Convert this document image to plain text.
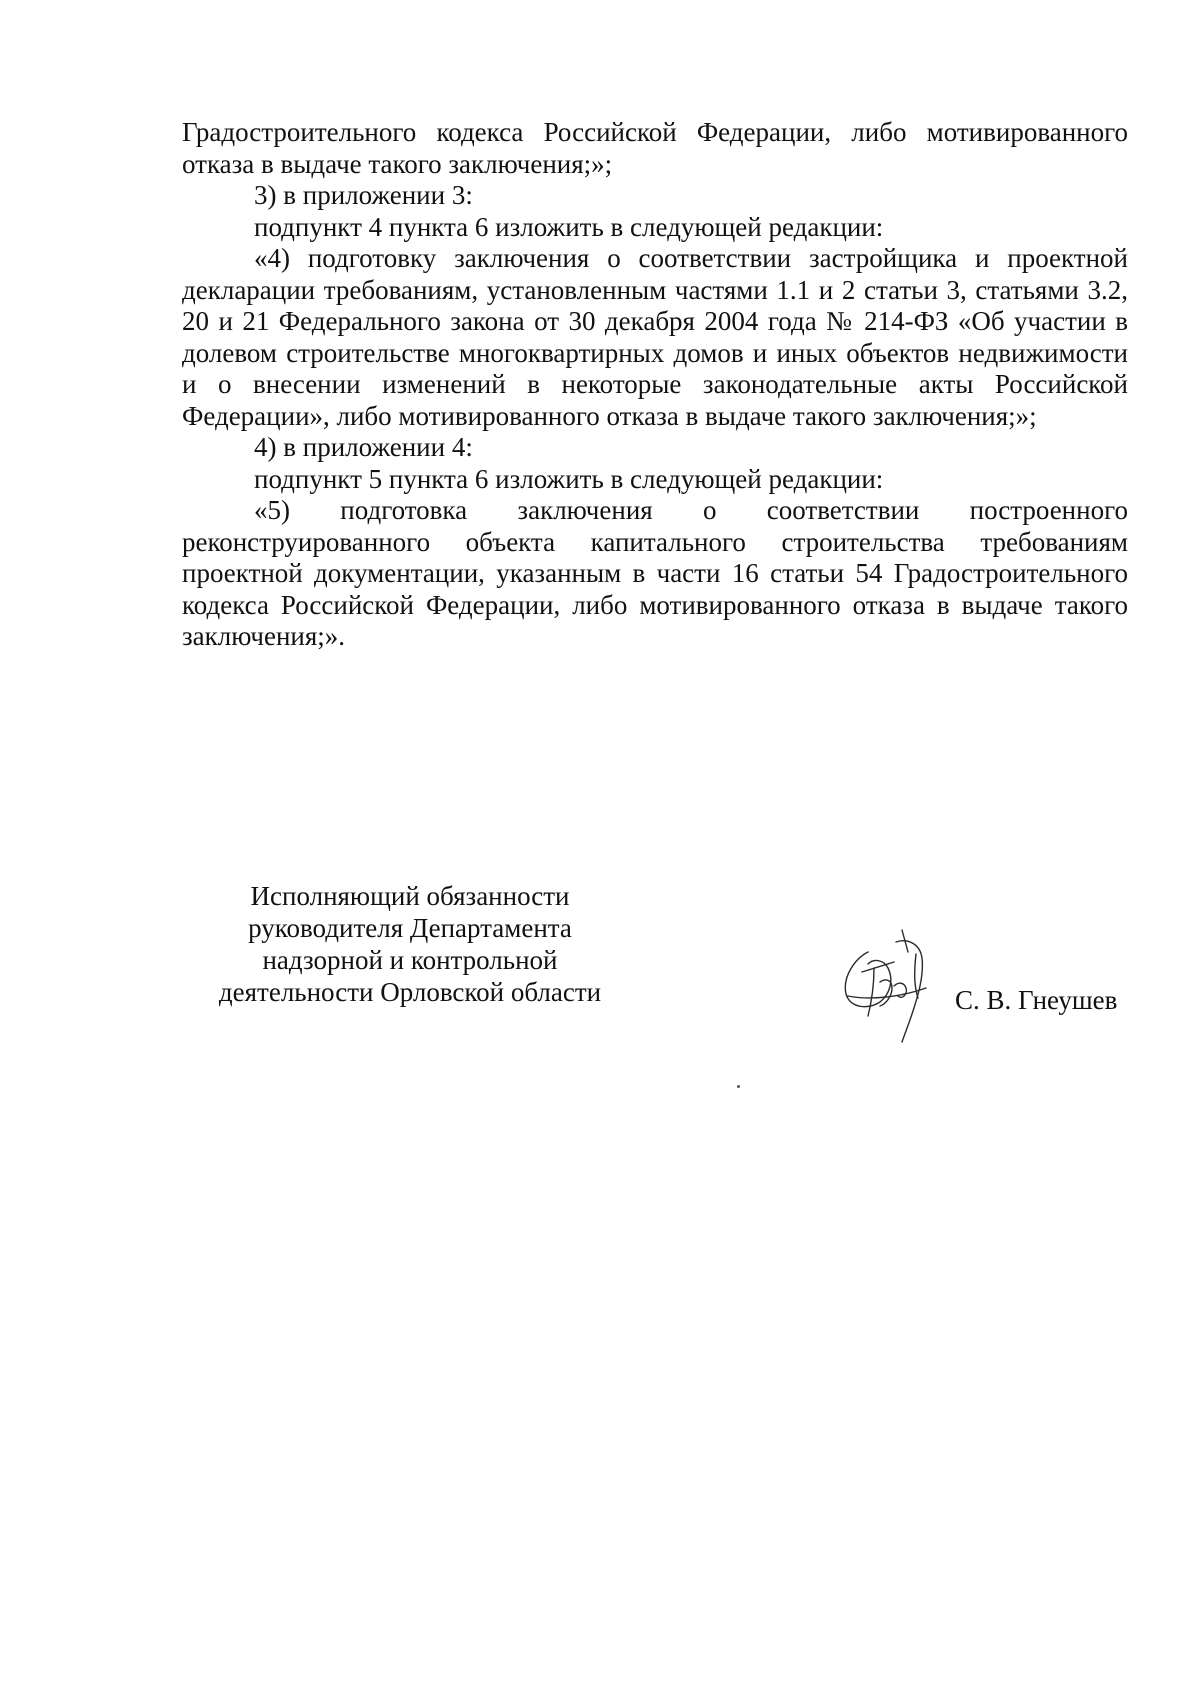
Градостроительного кодекса Российской Федерации, либо мотивированного отказа в выдаче такого заключения;»;

3) в приложении 3:

подпункт 4 пункта 6 изложить в следующей редакции:

«4) подготовку заключения о соответствии застройщика и проектной декларации требованиям, установленным частями 1.1 и 2 статьи 3, статьями 3.2, 20 и 21 Федерального закона от 30 декабря 2004 года № 214-ФЗ «Об участии в долевом строительстве многоквартирных домов и иных объектов недвижимости и о внесении изменений в некоторые законодательные акты Российской Федерации», либо мотивированного отказа в выдаче такого заключения;»;

4) в приложении 4:

подпункт 5 пункта 6 изложить в следующей редакции:

«5) подготовка заключения о соответствии построенного реконструированного объекта капитального строительства требованиям проектной документации, указанным в части 16 статьи 54 Градостроительного кодекса Российской Федерации, либо мотивированного отказа в выдаче такого заключения;».

Исполняющий обязанности
руководителя Департамента
надзорной и контрольной
деятельности Орловской области	С. В. Гнеушев
